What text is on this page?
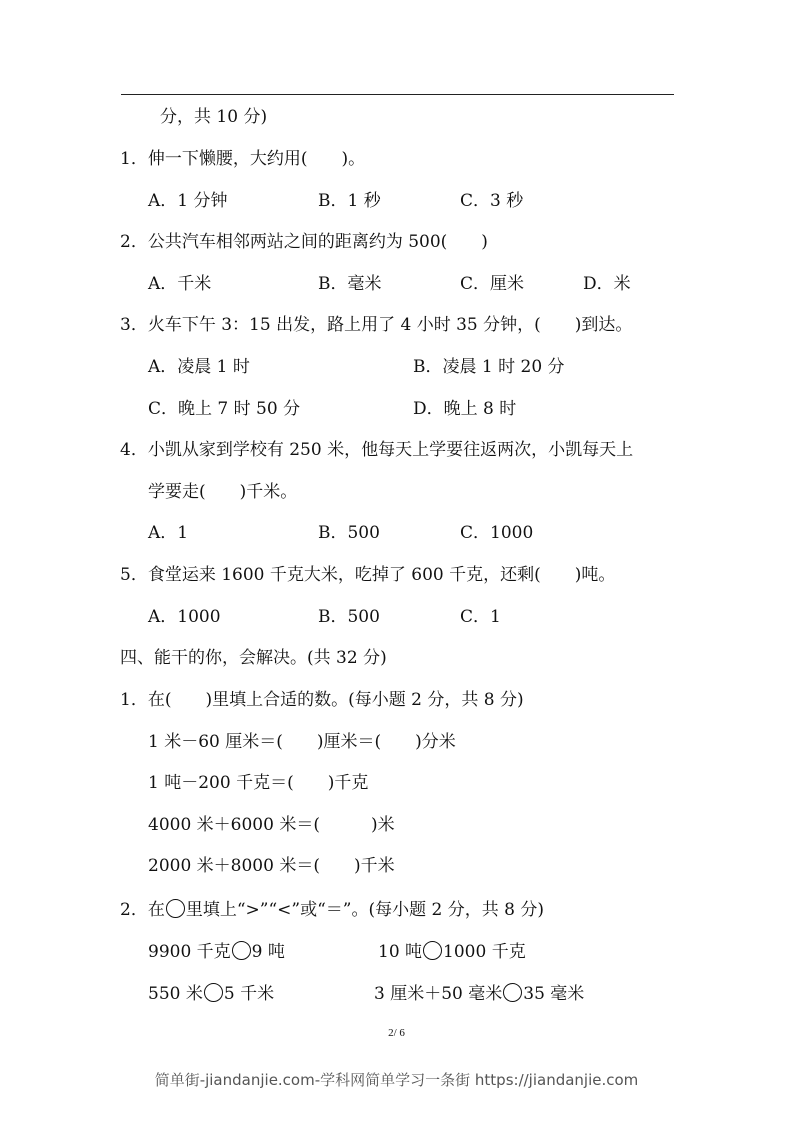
分，共 10 分)
1．伸一下懒腰，大约用(　　)。
A．1 分钟	B．1 秒	C．3 秒
2．公共汽车相邻两站之间的距离约为 500(　　)
A．千米	B．毫米	C．厘米	D．米
3．火车下午 3：15 出发，路上用了 4 小时 35 分钟，(　　)到达。
A．凌晨 1 时	B．凌晨 1 时 20 分
C．晚上 7 时 50 分	D．晚上 8 时
4．小凯从家到学校有 250 米，他每天上学要往返两次，小凯每天上
学要走(　　)千米。
A．1	B．500	C．1000
5．食堂运来 1600 千克大米，吃掉了 600 千克，还剩(　　)吨。
A．1000	B．500	C．1
四、能干的你，会解决。(共 32 分)
1．在(　　)里填上合适的数。(每小题 2 分，共 8 分)
1 米－60 厘米＝(　　)厘米＝(　　)分米
1 吨－200 千克＝(　　)千克
4000 米＋6000 米＝(　　　)米
2000 米＋8000 米＝(　　)千米
2．在 里填上“>”“<”或“＝”。(每小题 2 分，共 8 分)
9900 千克 9 吨	10 吨 1000 千克
550 米 5 千米	3 厘米＋50 毫米 35 毫米
2/ 6
简单街-jiandanjie.com-学科网简单学习一条街 https://jiandanjie.com
